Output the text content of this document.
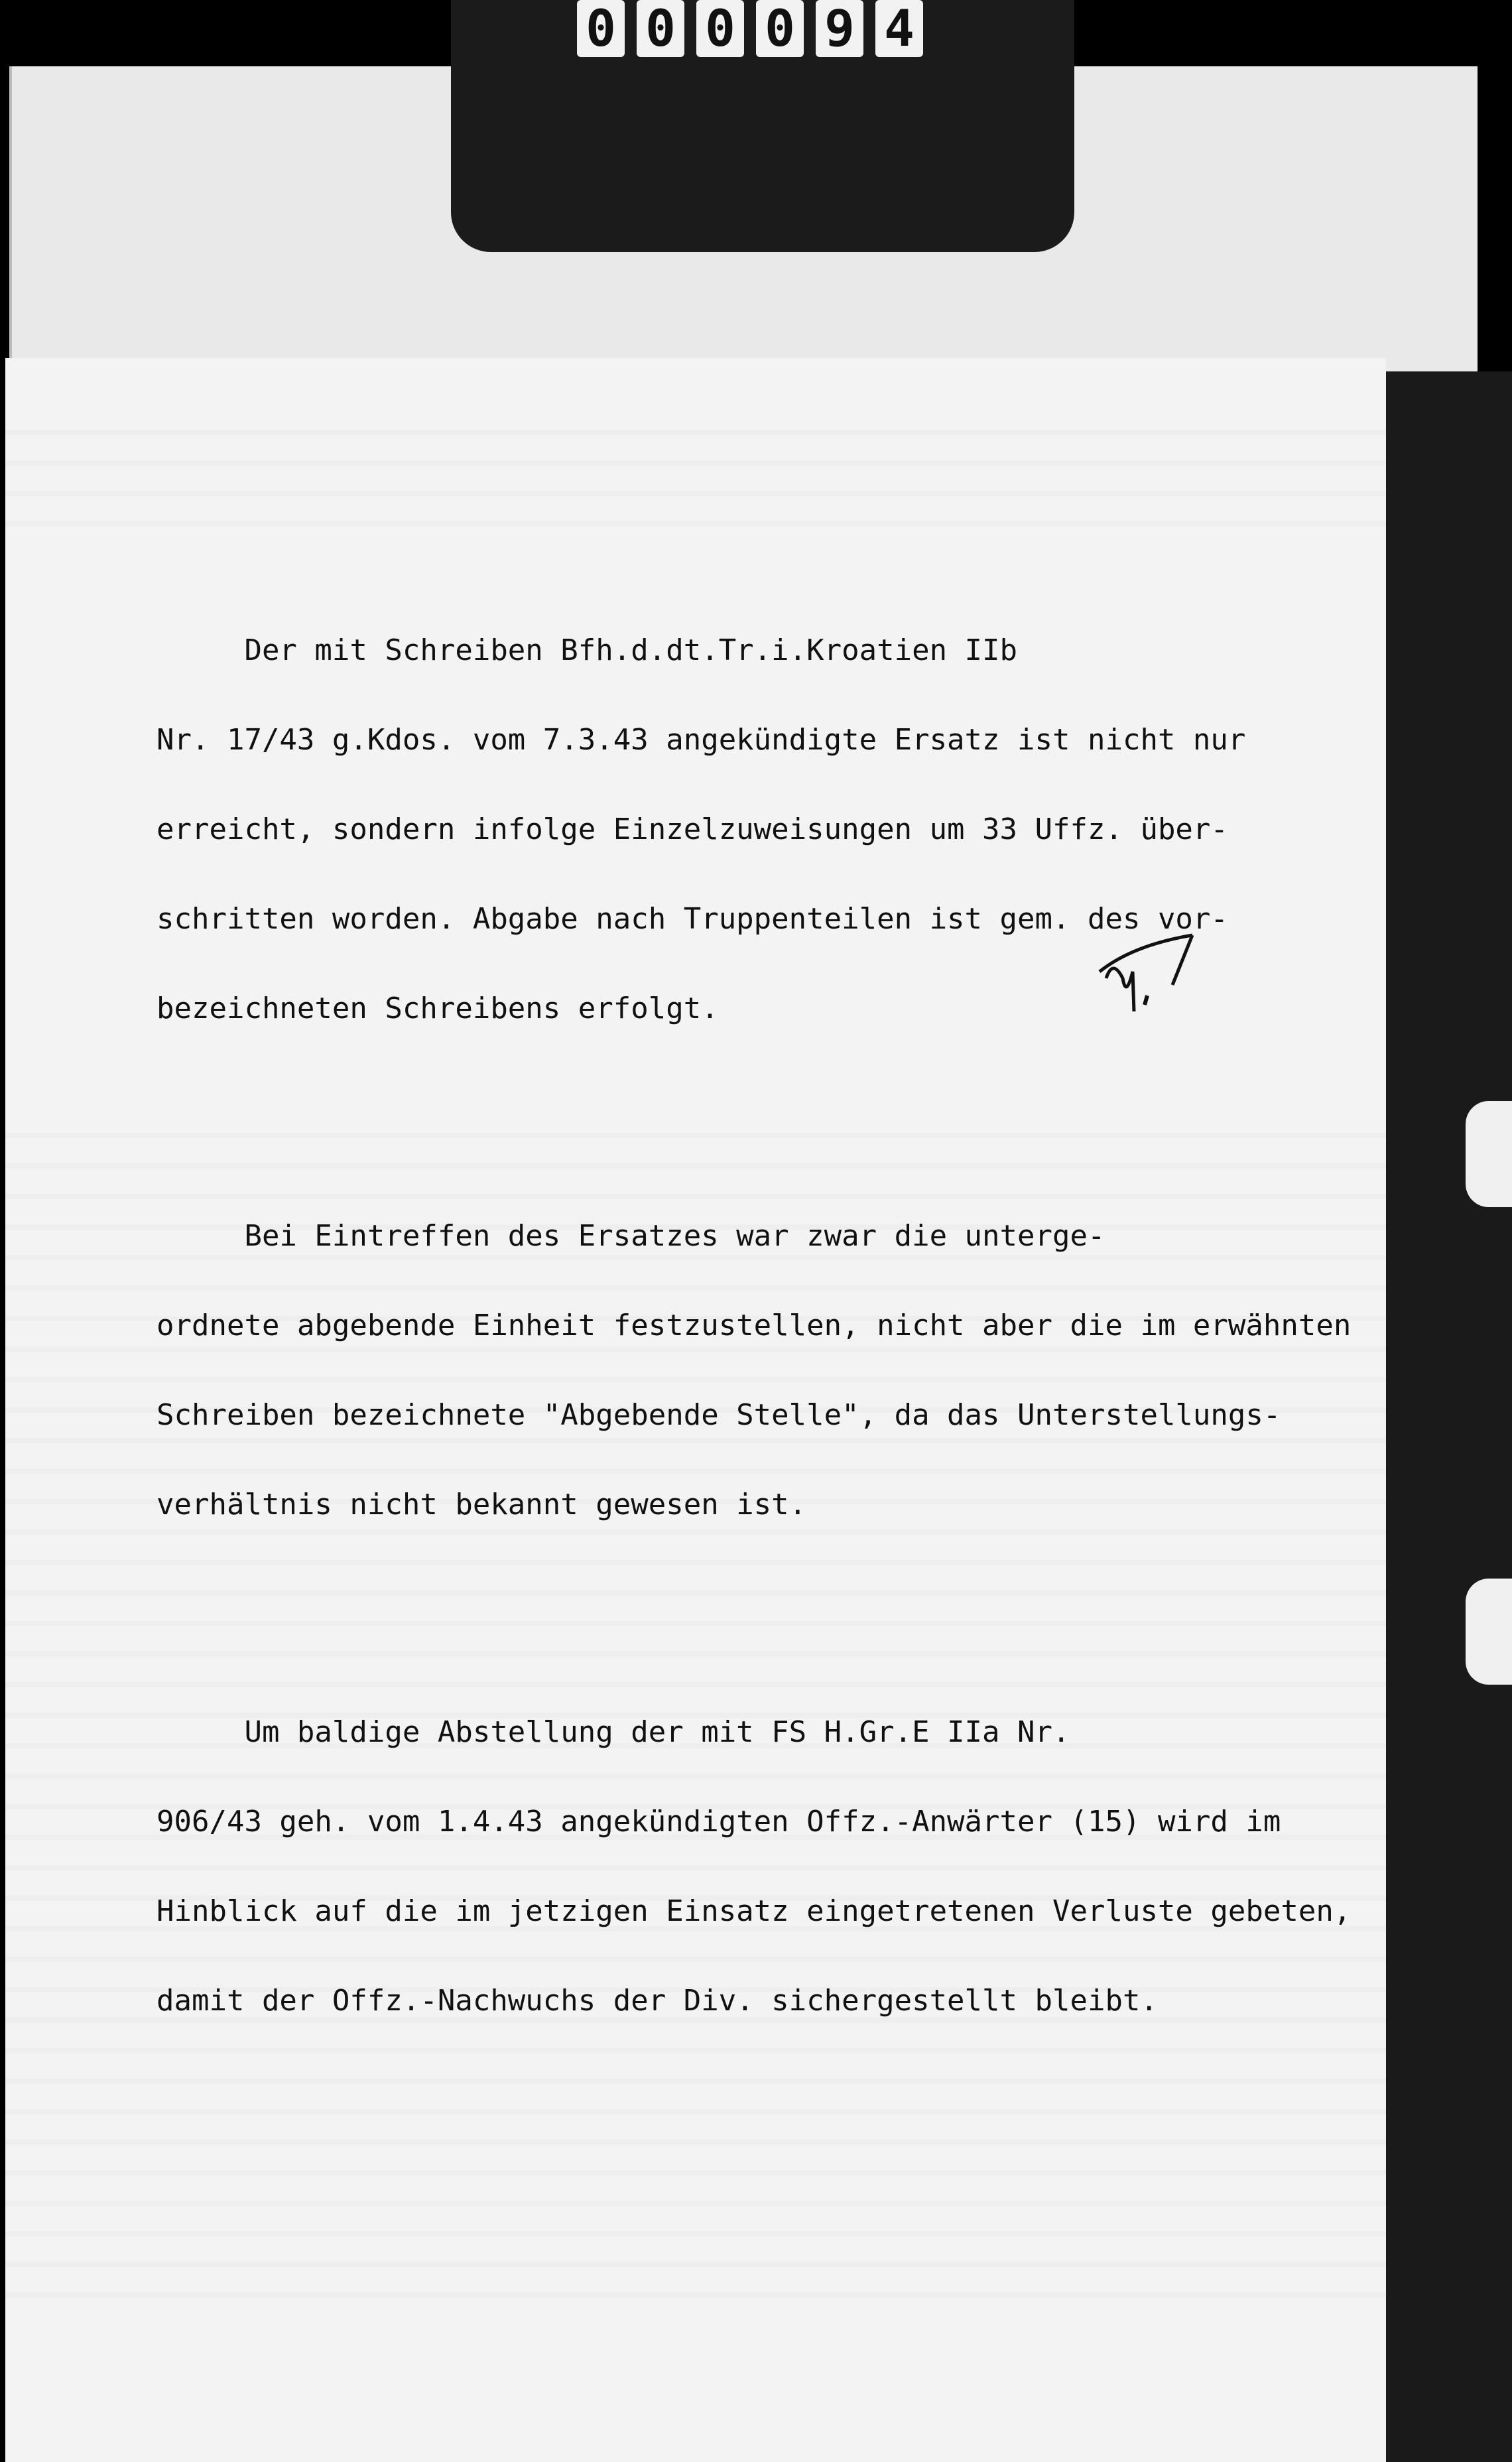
0 0 0 0 9 4

Der mit Schreiben Bfh.d.dt.Tr.i.Kroatien IIb

Nr. 17/43 g.Kdos. vom 7.3.43 angekündigte Ersatz ist nicht nur

erreicht, sondern infolge Einzelzuweisungen um 33 Uffz. über-

schritten worden. Abgabe nach Truppenteilen ist gem. des vor-

bezeichneten Schreibens erfolgt.

Bei Eintreffen des Ersatzes war zwar die unterge-

ordnete abgebende Einheit festzustellen, nicht aber die im erwähnten

Schreiben bezeichnete "Abgebende Stelle", da das Unterstellungs-

verhältnis nicht bekannt gewesen ist.

Um baldige Abstellung der mit FS H.Gr.E IIa Nr.

906/43 geh. vom 1.4.43 angekündigten Offz.-Anwärter (15) wird im

Hinblick auf die im jetzigen Einsatz eingetretenen Verluste gebeten,

damit der Offz.-Nachwuchs der Div. sichergestellt bleibt.
